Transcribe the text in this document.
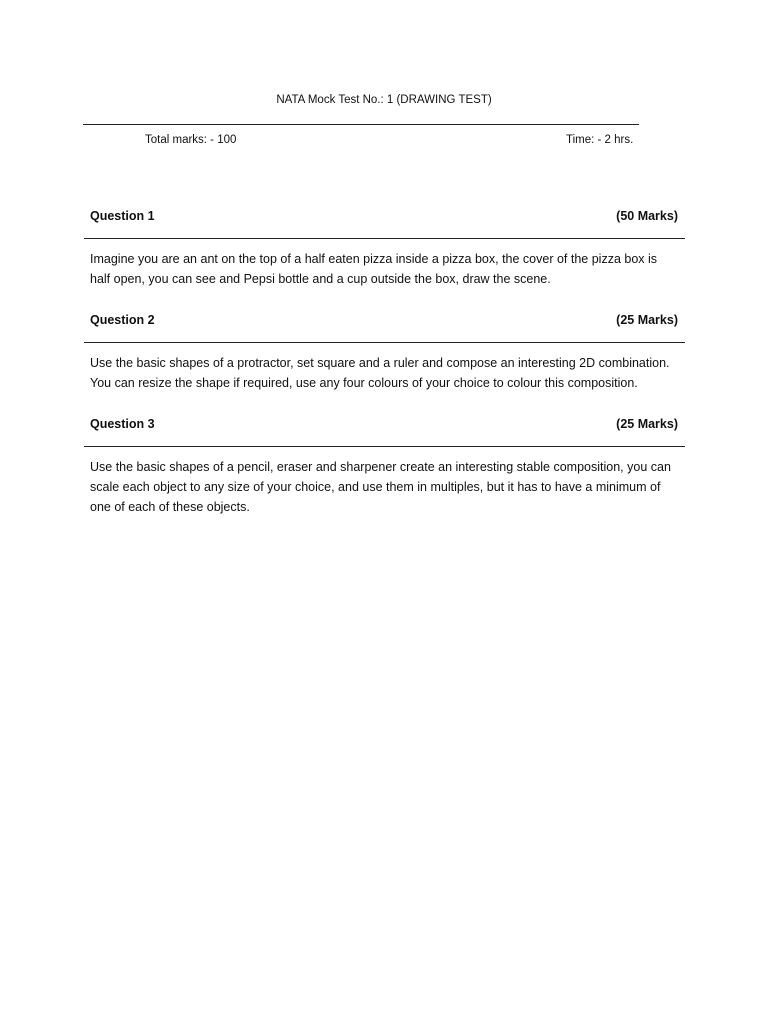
NATA Mock Test No.: 1 (DRAWING TEST)
Total marks: - 100	Time: - 2 hrs.
Question 1	(50 Marks)

Imagine you are an ant on the top of a half eaten pizza inside a pizza box, the cover of the pizza box is half open, you can see and Pepsi bottle and a cup outside the box, draw the scene.

Question 2	(25 Marks)

Use the basic shapes of a protractor, set square and a ruler and compose an interesting 2D combination. You can resize the shape if required, use any four colours of your choice to colour this composition.

Question 3	(25 Marks)

Use the basic shapes of a pencil, eraser and sharpener create an interesting stable composition, you can scale each object to any size of your choice, and use them in multiples, but it has to have a minimum of one of each of these objects.
